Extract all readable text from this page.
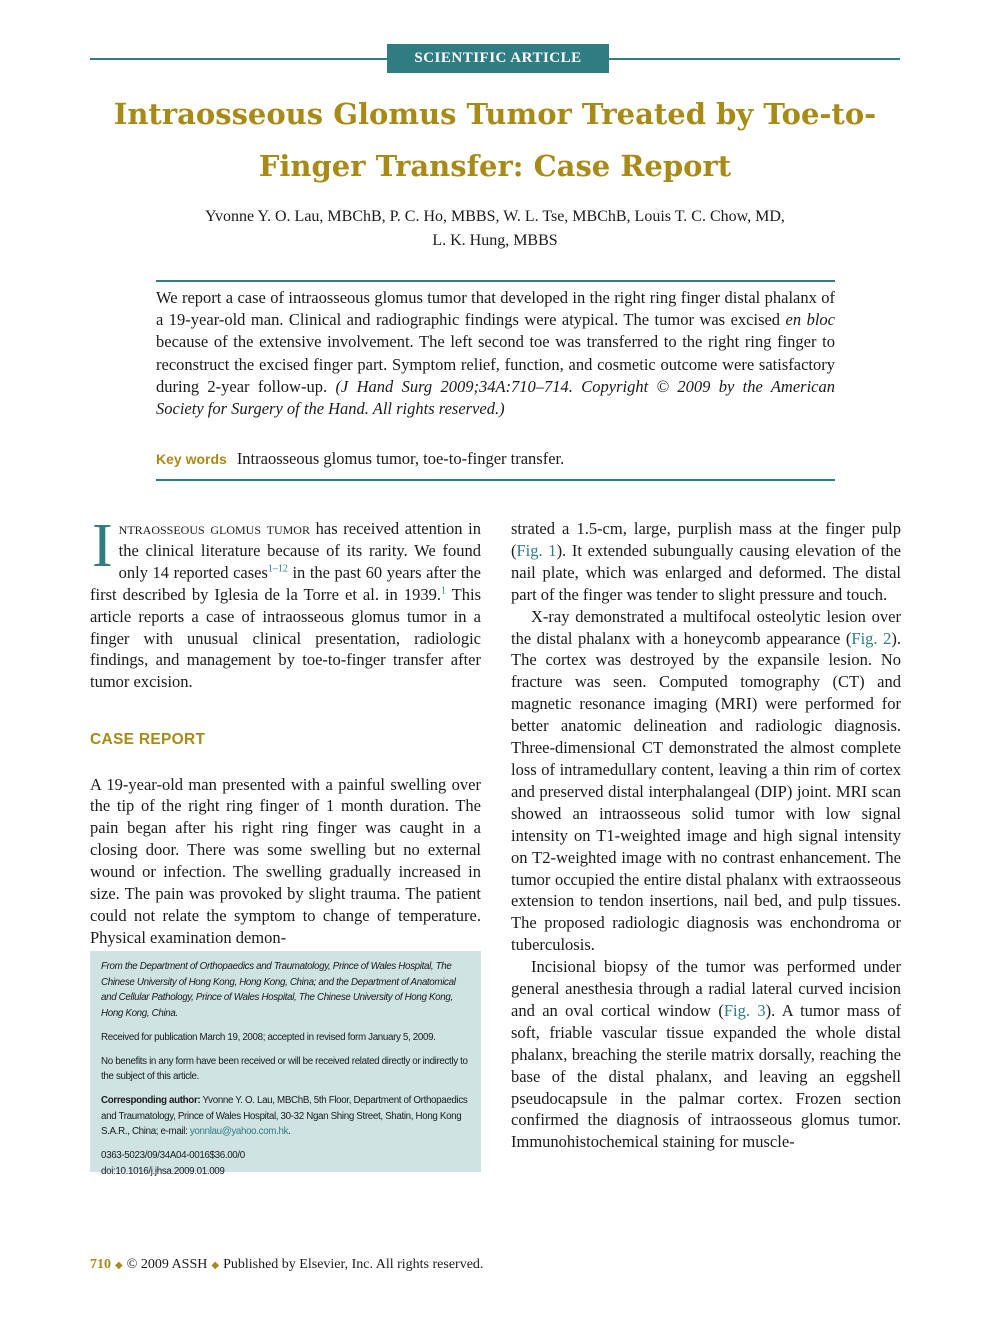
SCIENTIFIC ARTICLE
Intraosseous Glomus Tumor Treated by Toe-to-Finger Transfer: Case Report
Yvonne Y. O. Lau, MBChB, P. C. Ho, MBBS, W. L. Tse, MBChB, Louis T. C. Chow, MD,
L. K. Hung, MBBS
We report a case of intraosseous glomus tumor that developed in the right ring finger distal phalanx of a 19-year-old man. Clinical and radiographic findings were atypical. The tumor was excised en bloc because of the extensive involvement. The left second toe was transferred to the right ring finger to reconstruct the excised finger part. Symptom relief, function, and cosmetic outcome were satisfactory during 2-year follow-up. (J Hand Surg 2009;34A:710–714. Copyright © 2009 by the American Society for Surgery of the Hand. All rights reserved.)
Key words Intraosseous glomus tumor, toe-to-finger transfer.

Intraosseous glomus tumor has received attention in the clinical literature because of its rarity. We found only 14 reported cases$^{1-12}$ in the past 60 years after the first described by Iglesia de la Torre et al. in 1939.$^1$ This article reports a case of intraosseous glomus tumor in a finger with unusual clinical presentation, radiologic findings, and management by toe-to-finger transfer after tumor excision.

CASE REPORT

A 19-year-old man presented with a painful swelling over the tip of the right ring finger of 1 month duration. The pain began after his right ring finger was caught in a closing door. There was some swelling but no external wound or infection. The swelling gradually increased in size. The pain was provoked by slight trauma. The patient could not relate the symptom to change of temperature. Physical examination demon-

From the Department of Orthopaedics and Traumatology, Prince of Wales Hospital, The Chinese University of Hong Kong, Hong Kong, China; and the Department of Anatomical and Cellular Pathology, Prince of Wales Hospital, The Chinese University of Hong Kong, Hong Kong, China.

Received for publication March 19, 2008; accepted in revised form January 5, 2009.

No benefits in any form have been received or will be received related directly or indirectly to the subject of this article.

Corresponding author: Yvonne Y. O. Lau, MBChB, 5th Floor, Department of Orthopaedics and Traumatology, Prince of Wales Hospital, 30-32 Ngan Shing Street, Shatin, Hong Kong S.A.R., China; e-mail: yonnlau@yahoo.com.hk.

0363-5023/09/34A04-0016$36.00/0
doi:10.1016/j.jhsa.2009.01.009

strated a 1.5-cm, large, purplish mass at the finger pulp (Fig. 1). It extended subungually causing elevation of the nail plate, which was enlarged and deformed. The distal part of the finger was tender to slight pressure and touch.

X-ray demonstrated a multifocal osteolytic lesion over the distal phalanx with a honeycomb appearance (Fig. 2). The cortex was destroyed by the expansile lesion. No fracture was seen. Computed tomography (CT) and magnetic resonance imaging (MRI) were performed for better anatomic delineation and radiologic diagnosis. Three-dimensional CT demonstrated the almost complete loss of intramedullary content, leaving a thin rim of cortex and preserved distal interphalangeal (DIP) joint. MRI scan showed an intraosseous solid tumor with low signal intensity on T1-weighted image and high signal intensity on T2-weighted image with no contrast enhancement. The tumor occupied the entire distal phalanx with extraosseous extension to tendon insertions, nail bed, and pulp tissues. The proposed radiologic diagnosis was enchondroma or tuberculosis.

Incisional biopsy of the tumor was performed under general anesthesia through a radial lateral curved incision and an oval cortical window (Fig. 3). A tumor mass of soft, friable vascular tissue expanded the whole distal phalanx, breaching the sterile matrix dorsally, reaching the base of the distal phalanx, and leaving an eggshell pseudocapsule in the palmar cortex. Frozen section confirmed the diagnosis of intraosseous glomus tumor. Immunohistochemical staining for muscle-

710 ◆ © 2009 ASSH ◆ Published by Elsevier, Inc. All rights reserved.
